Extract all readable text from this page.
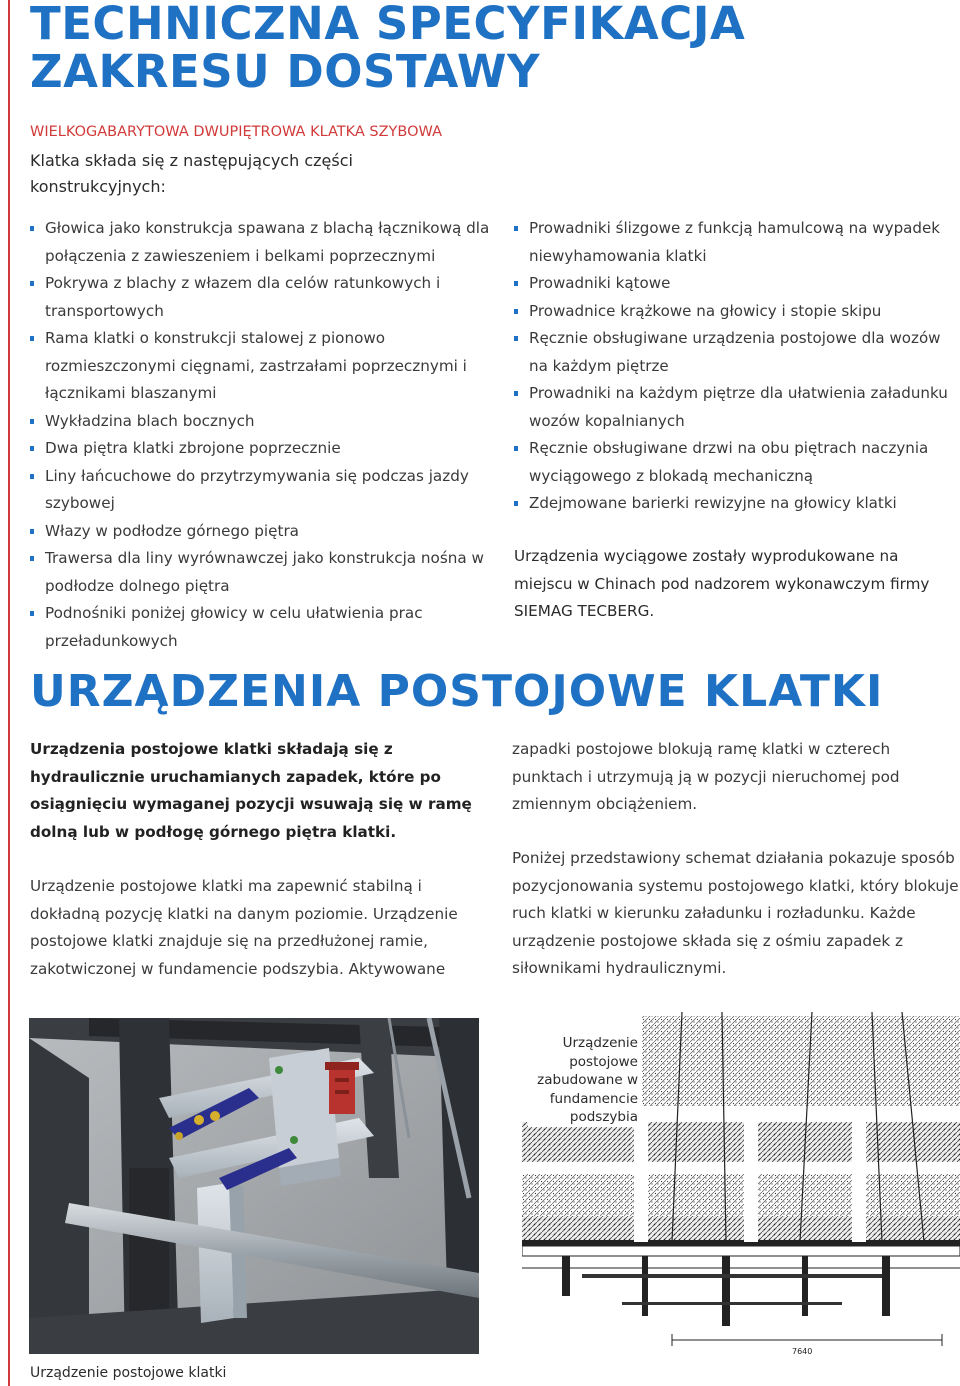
TECHNICZNA SPECYFIKACJA
ZAKRESU DOSTAWY

WIELKOGABARYTOWA DWUPIĘTROWA KLATKA SZYBOWA

Klatka składa się z następujących części konstrukcyjnych:

Głowica jako konstrukcja spawana z blachą łącznikową dla połączenia z zawieszeniem i belkami poprzecznymi
Pokrywa z blachy z włazem dla celów ratunkowych i transportowych
Rama klatki o konstrukcji stalowej z pionowo rozmieszczonymi cięgnami, zastrzałami poprzecznymi i łącznikami blaszanymi
Wykładzina blach bocznych
Dwa piętra klatki zbrojone poprzecznie
Liny łańcuchowe do przytrzymywania się podczas jazdy szybowej
Włazy w podłodze górnego piętra
Trawersa dla liny wyrównawczej jako konstrukcja nośna w podłodze dolnego piętra
Podnośniki poniżej głowicy w celu ułatwienia prac przeładunkowych
Prowadniki ślizgowe z funkcją hamulcową na wypadek niewyhamowania klatki
Prowadniki kątowe
Prowadnice krążkowe na głowicy i stopie skipu
Ręcznie obsługiwane urządzenia postojowe dla wozów na każdym piętrze
Prowadniki na każdym piętrze dla ułatwienia załadunku wozów kopalnianych
Ręcznie obsługiwane drzwi na obu piętrach naczynia wyciągowego z blokadą mechaniczną
Zdejmowane barierki rewizyjne na głowicy klatki

Urządzenia wyciągowe zostały wyprodukowane na miejscu w Chinach pod nadzorem wykonawczym firmy SIEMAG TECBERG.

URZĄDZENIA POSTOJOWE KLATKI

Urządzenia postojowe klatki składają się z hydraulicznie uruchamianych zapadek, które po osiągnięciu wymaganej pozycji wsuwają się w ramę dolną lub w podłogę górnego piętra klatki.

Urządzenie postojowe klatki ma zapewnić stabilną i dokładną pozycję klatki na danym poziomie. Urządzenie postojowe klatki znajduje się na przedłużonej ramie, zakotwiczonej w fundamencie podszybia. Aktywowane

zapadki postojowe blokują ramę klatki w czterech punktach i utrzymują ją w pozycji nieruchomej pod zmiennym obciążeniem.

Poniżej przedstawiony schemat działania pokazuje sposób pozycjonowania systemu postojowego klatki, który blokuje ruch klatki w kierunku załadunku i rozładunku. Każde urządzenie postojowe składa się z ośmiu zapadek z siłownikami hydraulicznymi.

Urządzenie postojowe klatki

7640

Urządzenie postojowe zabudowane w fundamencie podszybia
